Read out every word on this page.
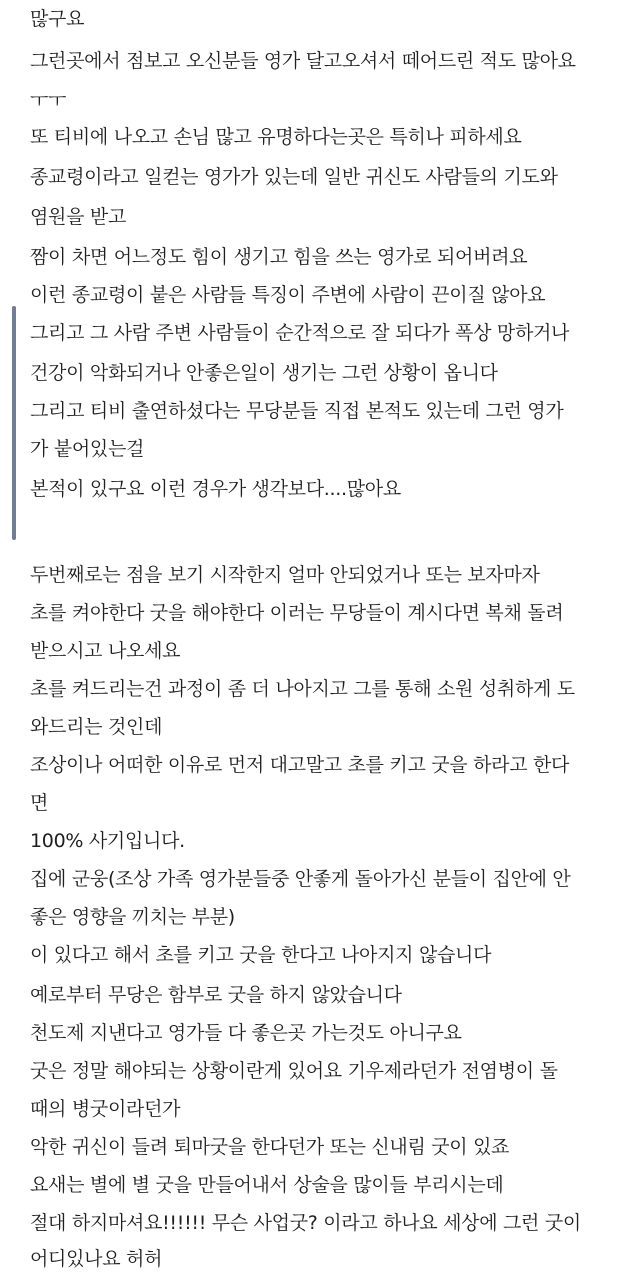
많구요
그런곳에서 점보고 오신분들 영가 달고오셔서 떼어드린 적도 많아요
ㅜㅜ
또 티비에 나오고 손님 많고 유명하다는곳은 특히나 피하세요
종교령이라고 일컫는 영가가 있는데 일반 귀신도 사람들의 기도와
염원을 받고
짬이 차면 어느정도 힘이 생기고 힘을 쓰는 영가로 되어버려요
이런 종교령이 붙은 사람들 특징이 주변에 사람이 끈이질 않아요
그리고 그 사람 주변 사람들이 순간적으로 잘 되다가 폭상 망하거나
건강이 악화되거나 안좋은일이 생기는 그런 상황이 옵니다
그리고 티비 출연하셨다는 무당분들 직접 본적도 있는데 그런 영가
가 붙어있는걸
본적이 있구요 이런 경우가 생각보다....많아요
두번째로는 점을 보기 시작한지 얼마 안되었거나 또는 보자마자
초를 켜야한다 굿을 해야한다 이러는 무당들이 계시다면 복채 돌려
받으시고 나오세요
초를 켜드리는건 과정이 좀 더 나아지고 그를 통해 소원 성취하게 도
와드리는 것인데
조상이나 어떠한 이유로 먼저 대고말고 초를 키고 굿을 하라고 한다
면
100% 사기입니다.
집에 군웅(조상 가족 영가분들중 안좋게 돌아가신 분들이 집안에 안
좋은 영향을 끼치는 부분)
이 있다고 해서 초를 키고 굿을 한다고 나아지지 않습니다
예로부터 무당은 함부로 굿을 하지 않았습니다
천도제 지낸다고 영가들 다 좋은곳 가는것도 아니구요
굿은 정말 해야되는 상황이란게 있어요 기우제라던가 전염병이 돌
때의 병굿이라던가
악한 귀신이 들려 퇴마굿을 한다던가 또는 신내림 굿이 있죠
요새는 별에 별 굿을 만들어내서 상술을 많이들 부리시는데
절대 하지마셔요!!!!!! 무슨 사업굿? 이라고 하나요 세상에 그런 굿이
어디있나요 허허
